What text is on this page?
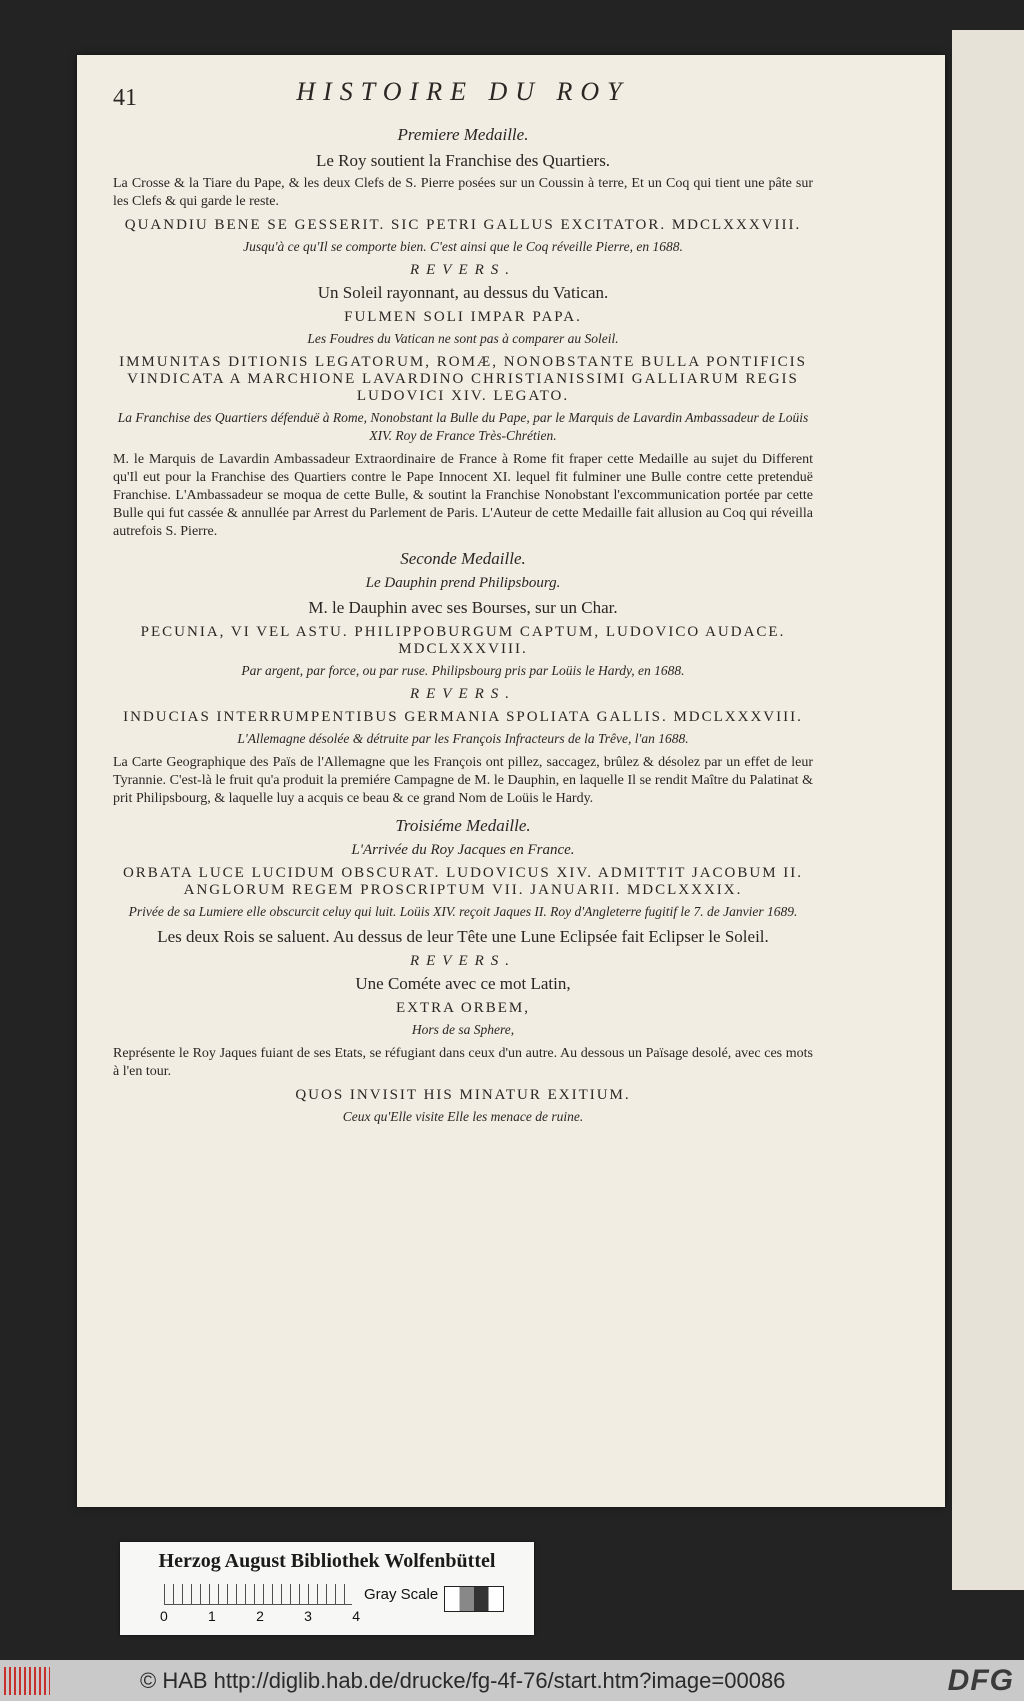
41	HISTOIRE DU ROY
Premiere Medaille.
Le Roy soutient la Franchise des Quartiers.
La Crosse & la Tiare du Pape, & les deux Clefs de S. Pierre posées sur un Coussin à terre, Et un Coq qui tient une pâte sur les Clefs & qui garde le reste.
QUANDIU BENE SE GESSERIT. SIC PETRI GALLUS EXCITATOR. MDCLXXXVIII.
Jusqu'à ce qu'Il se comporte bien. C'est ainsi que le Coq réveille Pierre, en 1688.
REVERS.
Un Soleil rayonnant, au dessus du Vatican.
FULMEN SOLI IMPAR PAPA.
Les Foudres du Vatican ne sont pas à comparer au Soleil.
IMMUNITAS DITIONIS LEGATORUM, ROMÆ, NONOBSTANTE BULLA PONTIFICIS VINDICATA A MARCHIONE LAVARDINO CHRISTIANISSIMI GALLIARUM REGIS LUDOVICI XIV. LEGATO.
La Franchise des Quartiers défenduë à Rome, Nonobstant la Bulle du Pape, par le Marquis de Lavardin Ambassadeur de Loüis XIV. Roy de France Très-Chrétien.
M. le Marquis de Lavardin Ambassadeur Extraordinaire de France à Rome fit fraper cette Medaille au sujet du Different qu'Il eut pour la Franchise des Quartiers contre le Pape Innocent XI. lequel fit fulminer une Bulle contre cette pretenduë Franchise. L'Ambassadeur se moqua de cette Bulle, & soutint la Franchise Nonobstant l'excommunication portée par cette Bulle qui fut cassée & annullée par Arrest du Parlement de Paris. L'Auteur de cette Medaille fait allusion au Coq qui réveilla autrefois S. Pierre.
Seconde Medaille.
Le Dauphin prend Philipsbourg.
M. le Dauphin avec ses Bourses, sur un Char.
PECUNIA, VI VEL ASTU. PHILIPPOBURGUM CAPTUM, LUDOVICO AUDACE. MDCLXXXVIII.
Par argent, par force, ou par ruse. Philipsbourg pris par Loüis le Hardy, en 1688.
REVERS.
INDUCIAS INTERRUMPENTIBUS GERMANIA SPOLIATA GALLIS. MDCLXXXVIII.
L'Allemagne désolée & détruite par les François Infracteurs de la Trêve, l'an 1688.
La Carte Geographique des Païs de l'Allemagne que les François ont pillez, saccagez, brûlez & désolez par un effet de leur Tyrannie. C'est-là le fruit qu'a produit la premiére Campagne de M. le Dauphin, en laquelle Il se rendit Maître du Palatinat & prit Philipsbourg, & laquelle luy a acquis ce beau & ce grand Nom de Loüis le Hardy.
Troisiéme Medaille.
L'Arrivée du Roy Jacques en France.
ORBATA LUCE LUCIDUM OBSCURAT. LUDOVICUS XIV. ADMITTIT JACOBUM II. ANGLORUM REGEM PROSCRIPTUM VII. JANUARII. MDCLXXXIX.
Privée de sa Lumiere elle obscurcit celuy qui luit. Loüis XIV. reçoit Jaques II. Roy d'Angleterre fugitif le 7. de Janvier 1689.
Les deux Rois se saluent. Au dessus de leur Tête une Lune Eclipsée fait Eclipser le Soleil.
REVERS.
Une Cométe avec ce mot Latin,
EXTRA ORBEM,
Hors de sa Sphere,
Représente le Roy Jaques fuiant de ses Etats, se réfugiant dans ceux d'un autre. Au dessous un Païsage desolé, avec ces mots à l'en tour.
QUOS INVISIT HIS MINATUR EXITIUM.
Ceux qu'Elle visite Elle les menace de ruine.
Herzog August Bibliothek Wolfenbüttel
0	1	2	3	4
Gray Scale
© HAB http://diglib.hab.de/drucke/fg-4f-76/start.htm?image=00086	DFG
